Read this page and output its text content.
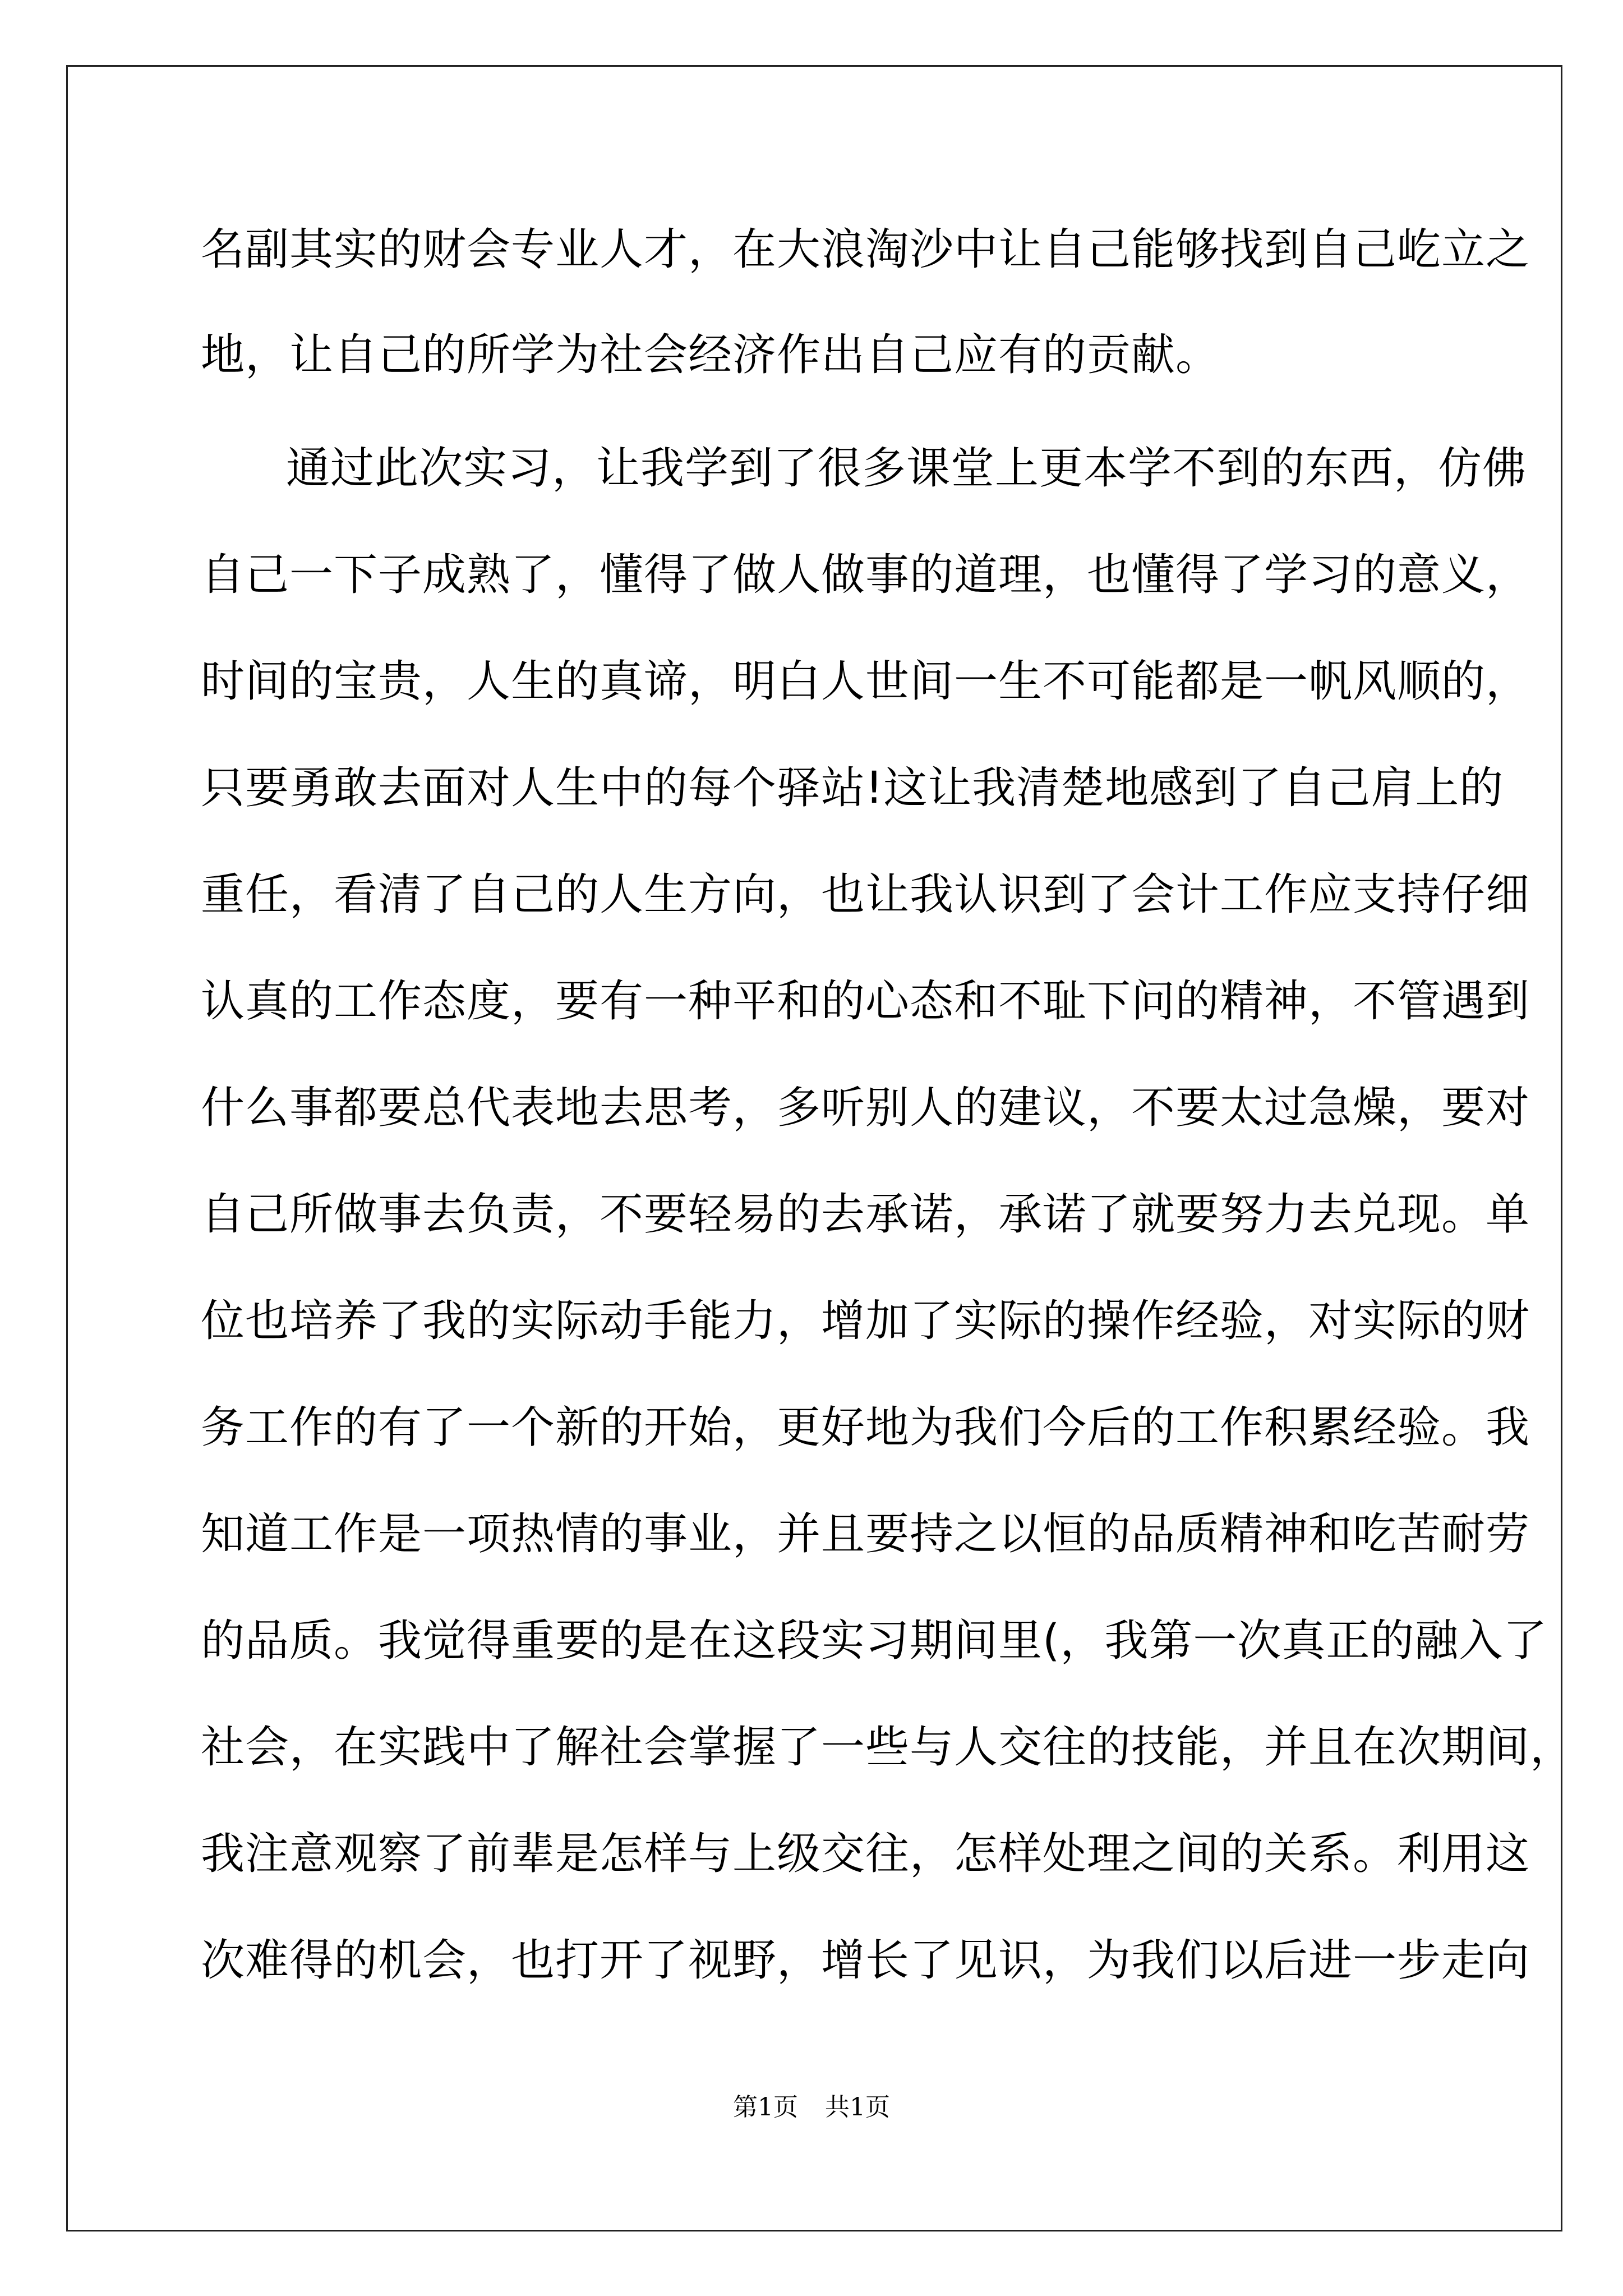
名副其实的财会专业人才，在大浪淘沙中让自己能够找到自己屹立之
地，让自己的所学为社会经济作出自己应有的贡献。
通过此次实习，让我学到了很多课堂上更本学不到的东西，仿佛
自己一下子成熟了，懂得了做人做事的道理，也懂得了学习的意义，
时间的宝贵，人生的真谛，明白人世间一生不可能都是一帆风顺的，
只要勇敢去面对人生中的每个驿站!这让我清楚地感到了自己肩上的
重任，看清了自己的人生方向，也让我认识到了会计工作应支持仔细
认真的工作态度，要有一种平和的心态和不耻下问的精神，不管遇到
什么事都要总代表地去思考，多听别人的建议，不要太过急燥，要对
自己所做事去负责，不要轻易的去承诺，承诺了就要努力去兑现。单
位也培养了我的实际动手能力，增加了实际的操作经验，对实际的财
务工作的有了一个新的开始，更好地为我们今后的工作积累经验。我
知道工作是一项热情的事业，并且要持之以恒的品质精神和吃苦耐劳
的品质。我觉得重要的是在这段实习期间里(，我第一次真正的融入了
社会，在实践中了解社会掌握了一些与人交往的技能，并且在次期间，
我注意观察了前辈是怎样与上级交往，怎样处理之间的关系。利用这
次难得的机会，也打开了视野，增长了见识，为我们以后进一步走向
第1页 共1页
